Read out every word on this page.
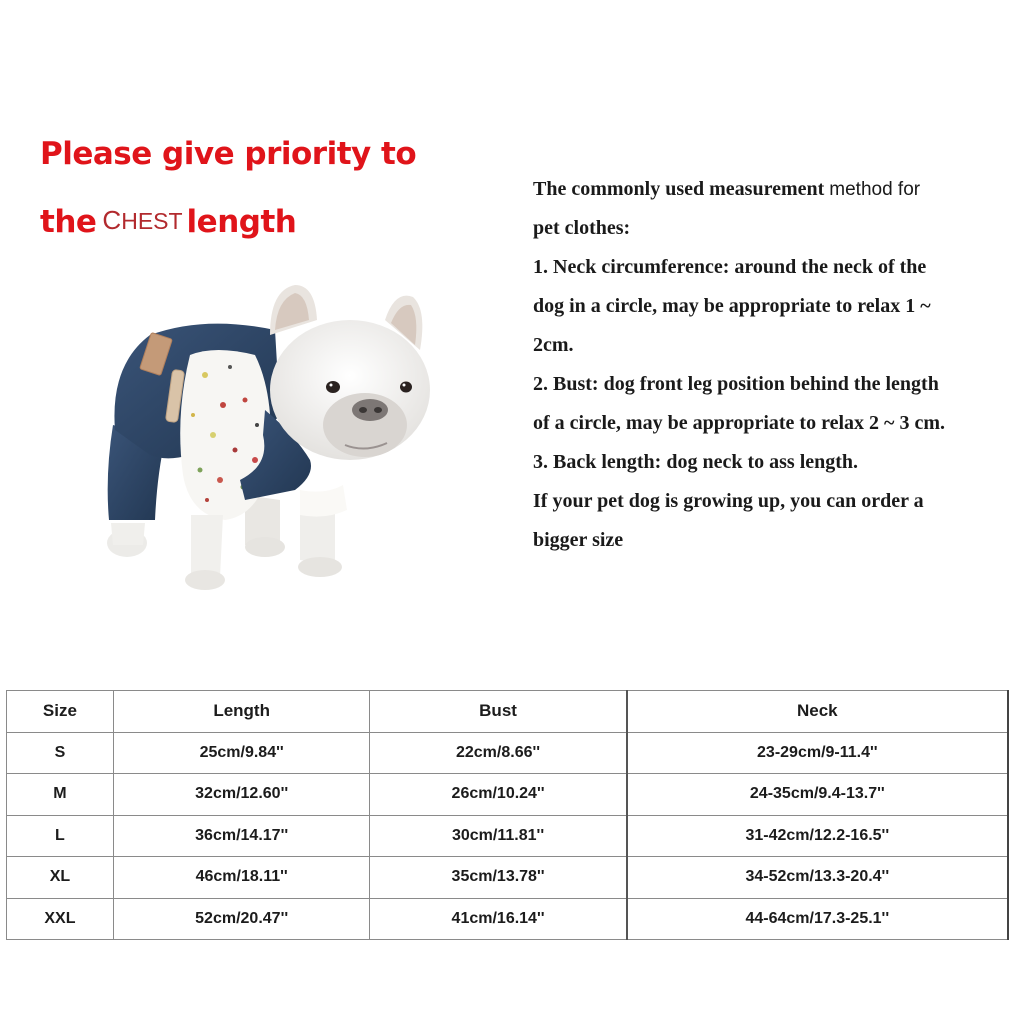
Please give priority to
the CHEST length

The commonly used measurement method for

pet clothes:

1. Neck circumference: around the neck of the

dog in a circle, may be appropriate to relax 1 ~

2cm.

2. Bust: dog front leg position behind the length

of a circle, may be appropriate to relax 2 ~ 3 cm.

3. Back length: dog neck to ass length.

If your pet dog is growing up, you can order a

bigger size

Size	Length	Bust	Neck
S	25cm/9.84''	22cm/8.66''	23-29cm/9-11.4''
M	32cm/12.60''	26cm/10.24''	24-35cm/9.4-13.7''
L	36cm/14.17''	30cm/11.81''	31-42cm/12.2-16.5''
XL	46cm/18.11''	35cm/13.78''	34-52cm/13.3-20.4''
XXL	52cm/20.47''	41cm/16.14''	44-64cm/17.3-25.1''
